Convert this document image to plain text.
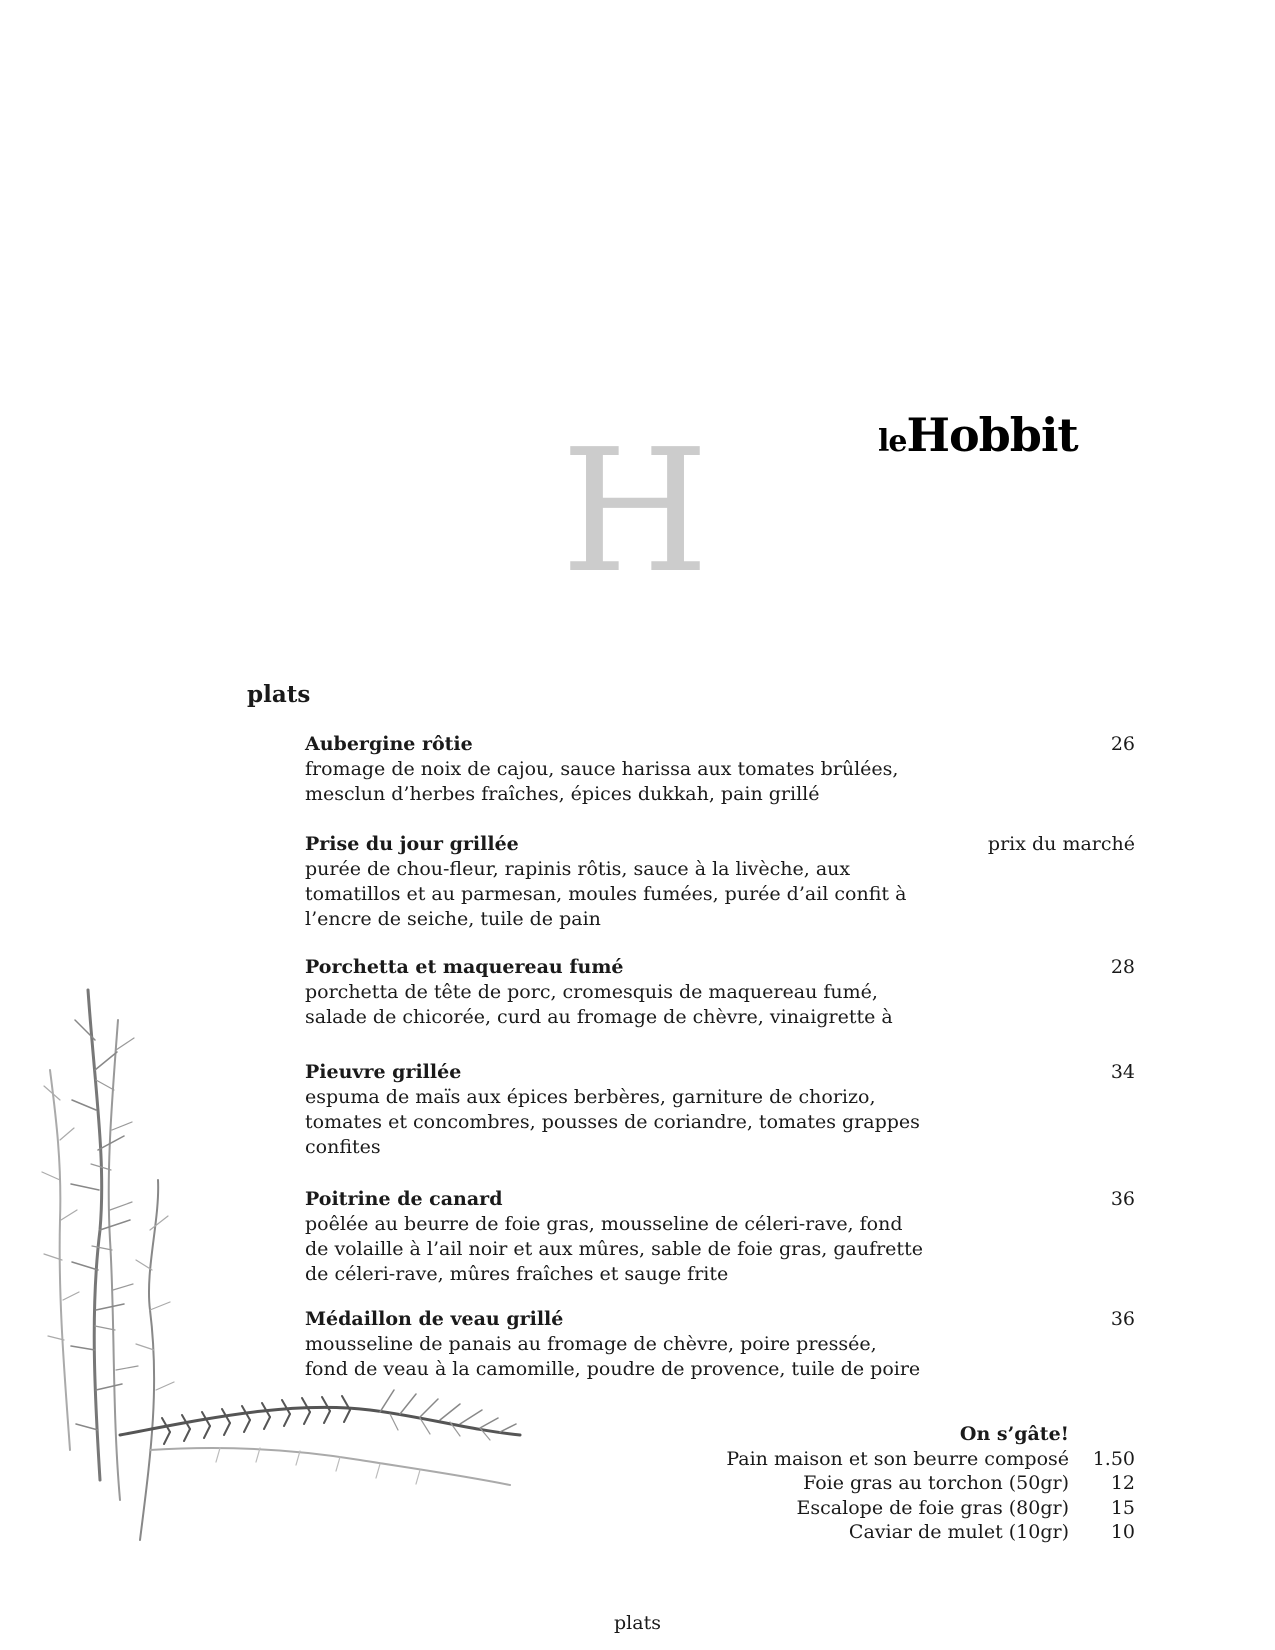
leHobbit
H
plats
Aubergine rôtie
fromage de noix de cajou, sauce harissa aux tomates brûlées, mesclun d’herbes fraîches, épices dukkah, pain grillé
26
Prise du jour grillée
purée de chou-fleur, rapinis rôtis, sauce à la livèche, aux tomatillos et au parmesan, moules fumées, purée d’ail confit à l’encre de seiche, tuile de pain
prix du marché
Porchetta et maquereau fumé
porchetta de tête de porc, cromesquis de maquereau fumé, salade de chicorée, curd au fromage de chèvre, vinaigrette à
28
Pieuvre grillée
espuma de maïs aux épices berbères, garniture de chorizo, tomates et concombres, pousses de coriandre, tomates grappes confites
34
Poitrine de canard
poêlée au beurre de foie gras, mousseline de céleri-rave, fond de volaille à l’ail noir et aux mûres, sable de foie gras, gaufrette de céleri-rave, mûres fraîches et sauge frite
36
Médaillon de veau grillé
mousseline de panais au fromage de chèvre, poire pressée, fond de veau à la camomille, poudre de provence, tuile de poire
36
On s’gâte!
Pain maison et son beurre composé	1.50
Foie gras au torchon (50gr)	12
Escalope de foie gras (80gr)	15
Caviar de mulet (10gr)	10
plats
